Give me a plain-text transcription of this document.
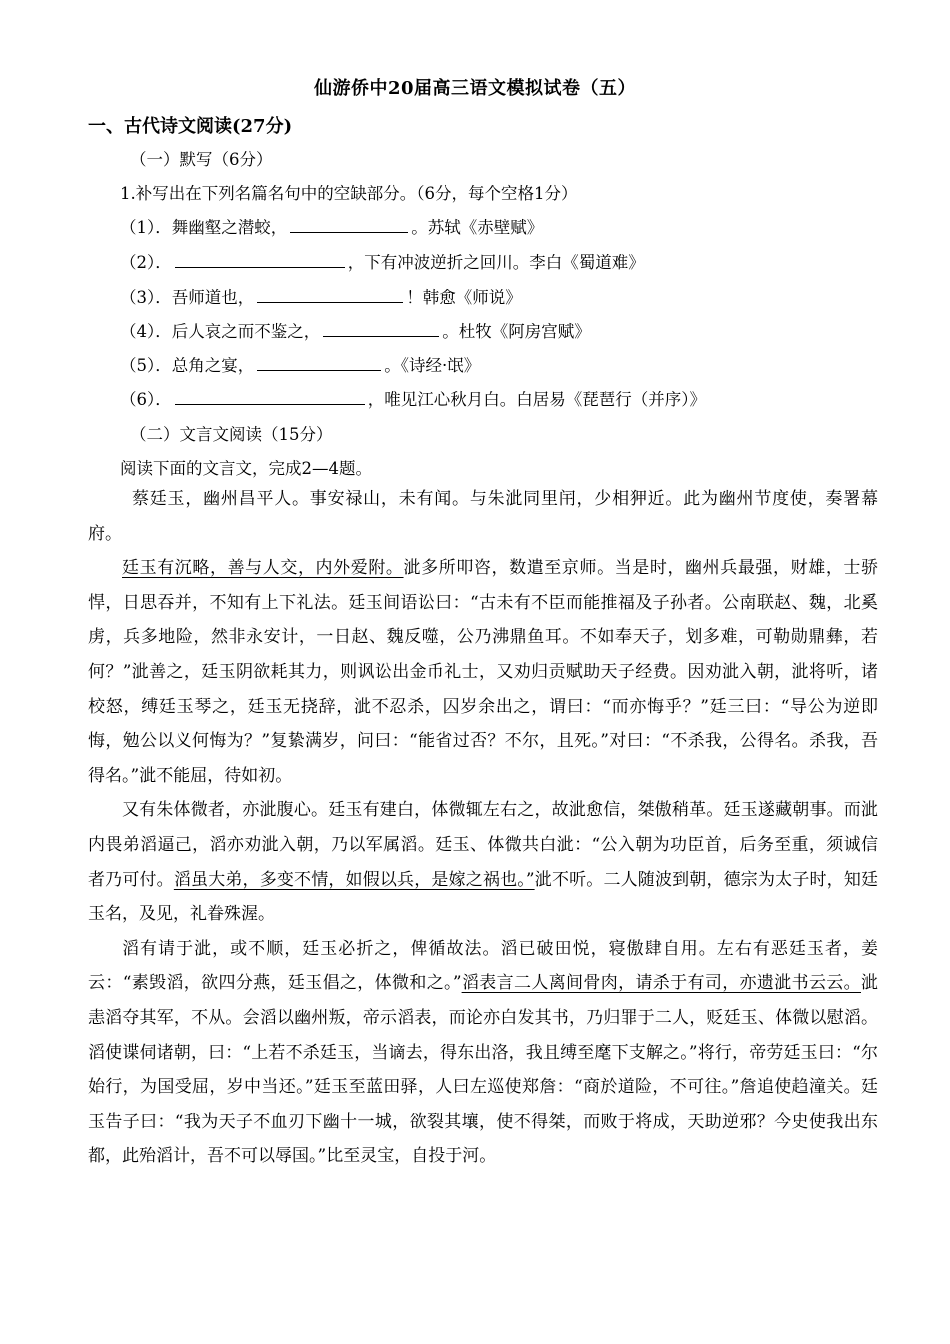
仙游侨中20届高三语文模拟试卷（五）
一、古代诗文阅读(27分)
（一）默写（6分）
1.补写出在下列名篇名句中的空缺部分。（6分，每个空格1分）
（1）．舞幽壑之潜蛟，	。苏轼《赤壁赋》
（2）．	，下有冲波逆折之回川。李白《蜀道难》
（3）．吾师道也，	！韩愈《师说》
（4）．后人哀之而不鉴之，	。杜牧《阿房宫赋》
（5）．总角之宴，	。《诗经·氓》
（6）．	，唯见江心秋月白。白居易《琵琶行（并序）》
（二）文言文阅读（15分）
阅读下面的文言文，完成2—4题。

蔡廷玉，幽州昌平人。事安禄山，未有闻。与朱泚同里闬，少相狎近。此为幽州节度使，奏署幕府。

廷玉有沉略，善与人交，内外爱附。泚多所叩咨，数遣至京师。当是时，幽州兵最强，财雄，士骄悍，日思吞并，不知有上下礼法。廷玉间语讼曰：“古未有不臣而能推福及子孙者。公南联赵、魏，北奚虏，兵多地险，然非永安计，一日赵、魏反噬，公乃沸鼎鱼耳。不如奉天子，划多难，可勒勋鼎彝，若何？”泚善之，廷玉阴欲耗其力，则讽讼出金币礼士，又劝归贡赋助天子经费。因劝泚入朝，泚将听，诸校怒，缚廷玉琴之，廷玉无挠辞，泚不忍杀，囚岁余出之，谓曰：“而亦悔乎？”廷三曰：“导公为逆即悔，勉公以义何悔为？”复絷满岁，问曰：“能省过否？不尔，且死。”对曰：“不杀我，公得名。杀我，吾得名。”泚不能屈，待如初。

又有朱体微者，亦泚腹心。廷玉有建白，体微辄左右之，故泚愈信，桀傲稍革。廷玉遂藏朝事。而泚内畏弟滔逼己，滔亦劝泚入朝，乃以军属滔。廷玉、体微共白泚：“公入朝为功臣首，后务至重，须诚信者乃可付。滔虽大弟，多变不情，如假以兵，是嫁之祸也。”泚不听。二人随波到朝，德宗为太子时，知廷玉名，及见，礼眷殊渥。

滔有请于泚，或不顺，廷玉必折之，俾循故法。滔已破田悦，寝傲肆自用。左右有恶廷玉者，姜云：“素毁滔，欲四分燕，廷玉倡之，体微和之。”滔表言二人离间骨肉，请杀于有司，亦遗泚书云云。泚恚滔夺其军，不从。会滔以幽州叛，帝示滔表，而论亦白发其书，乃归罪于二人，贬廷玉、体微以慰滔。滔使谍伺诸朝，曰：“上若不杀廷玉，当谪去，得东出洛，我且缚至麾下支解之。”将行，帝劳廷玉曰：“尔始行，为国受屈，岁中当还。”廷玉至蓝田驿，人曰左巡使郑詹：“商於道险，不可往。”詹追使趋潼关。廷玉告子曰：“我为天子不血刃下幽十一城，欲裂其壤，使不得桀，而败于将成，天助逆邪？今史使我出东都，此殆滔计，吾不可以辱国。”比至灵宝，自投于河。
